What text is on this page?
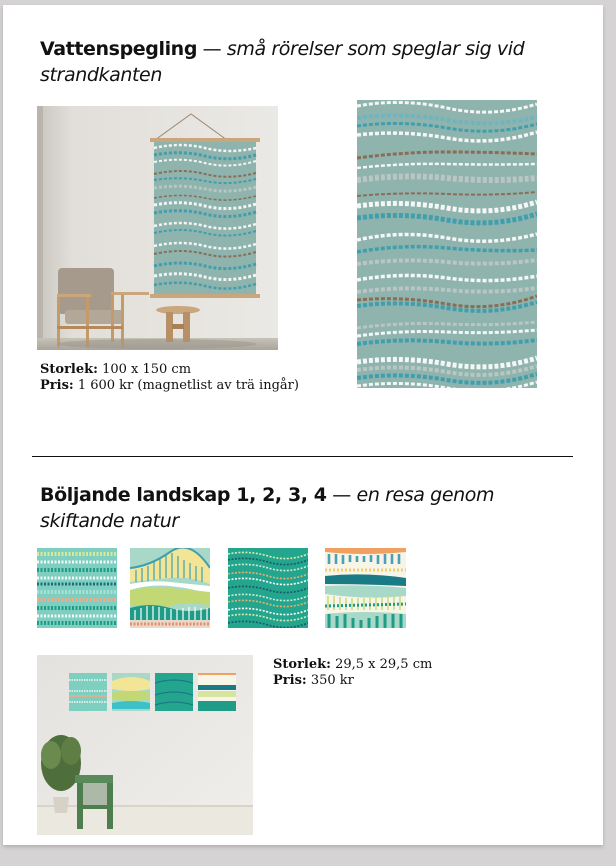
Vattenspegling — små rörelser som speglar sig vid strandkanten
Storlek: 100 x 150 cm
Pris: 1 600 kr (magnetlist av trä ingår)
Böljande landskap 1, 2, 3, 4 — en resa genom skiftande natur
Storlek: 29,5 x 29,5 cm
Pris: 350 kr
